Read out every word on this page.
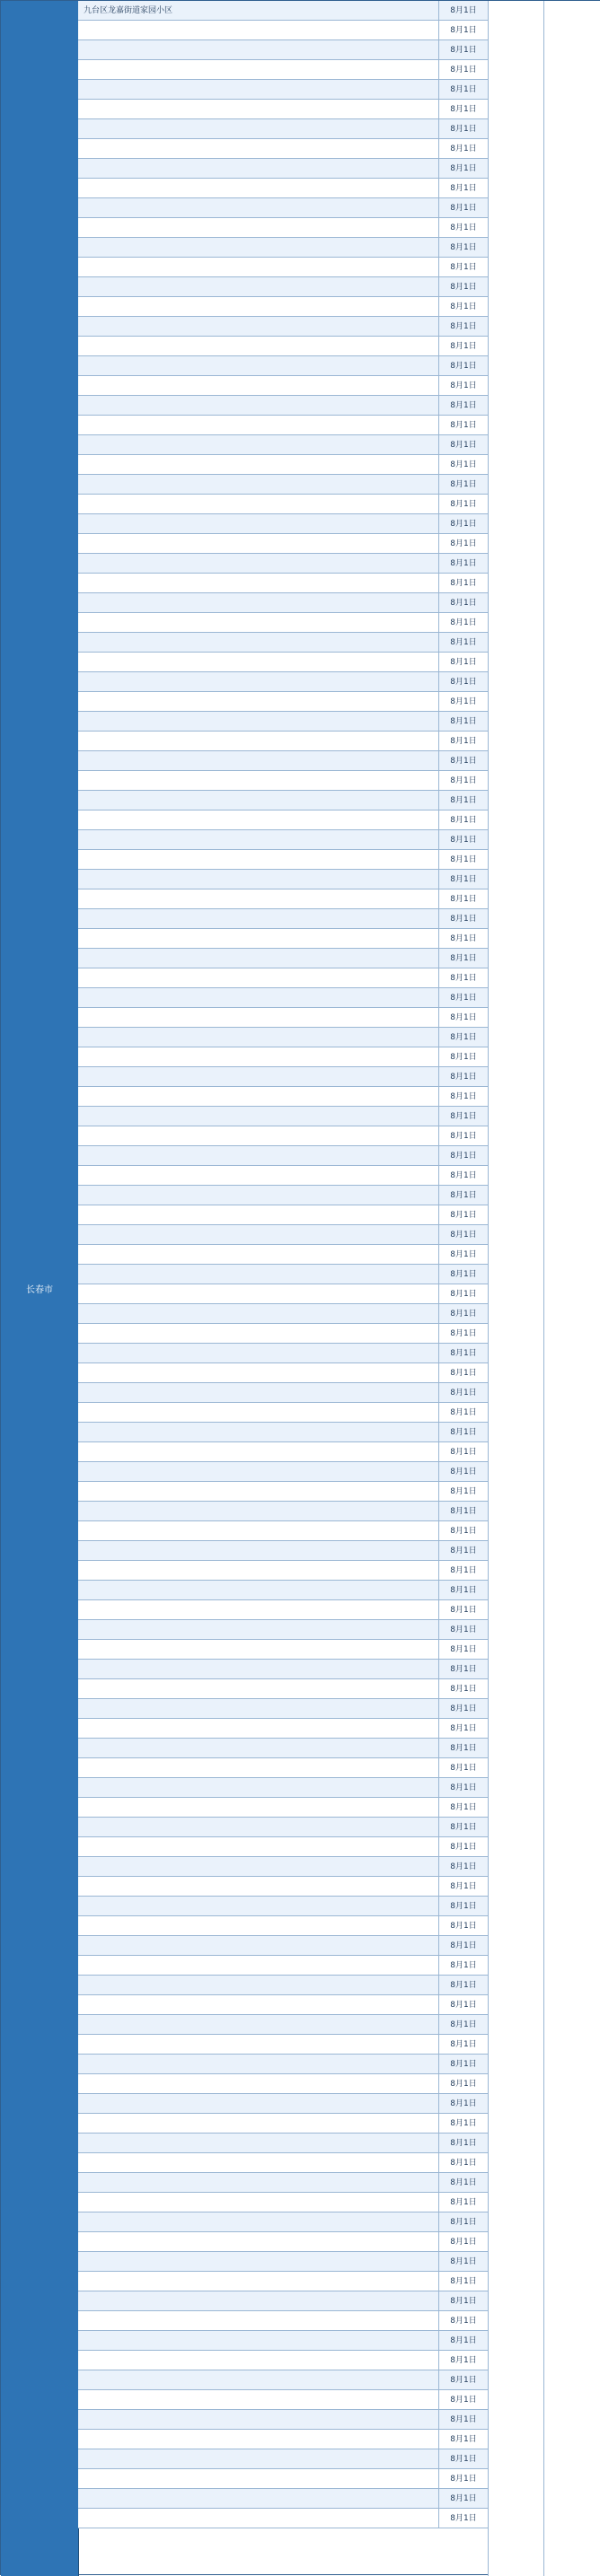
长春市
九台区龙嘉街道家园小区	8月1日
8月1日
8月1日
8月1日
8月1日
8月1日
8月1日
8月1日
8月1日
8月1日
8月1日
8月1日
8月1日
8月1日
8月1日
8月1日
8月1日
8月1日
8月1日
8月1日
8月1日
8月1日
8月1日
8月1日
8月1日
8月1日
8月1日
8月1日
8月1日
8月1日
8月1日
8月1日
8月1日
8月1日
8月1日
8月1日
8月1日
8月1日
8月1日
8月1日
8月1日
8月1日
8月1日
8月1日
8月1日
8月1日
8月1日
8月1日
8月1日
8月1日
8月1日
8月1日
8月1日
8月1日
8月1日
8月1日
8月1日
8月1日
8月1日
8月1日
8月1日
8月1日
8月1日
8月1日
8月1日
8月1日
8月1日
8月1日
8月1日
8月1日
8月1日
8月1日
8月1日
8月1日
8月1日
8月1日
8月1日
8月1日
8月1日
8月1日
8月1日
8月1日
8月1日
8月1日
8月1日
8月1日
8月1日
8月1日
8月1日
8月1日
8月1日
8月1日
8月1日
8月1日
8月1日
8月1日
8月1日
8月1日
8月1日
8月1日
8月1日
8月1日
8月1日
8月1日
8月1日
8月1日
8月1日
8月1日
8月1日
8月1日
8月1日
8月1日
8月1日
8月1日
8月1日
8月1日
8月1日
8月1日
8月1日
8月1日
8月1日
8月1日
8月1日
8月1日
8月1日
8月1日
8月1日
8月1日
